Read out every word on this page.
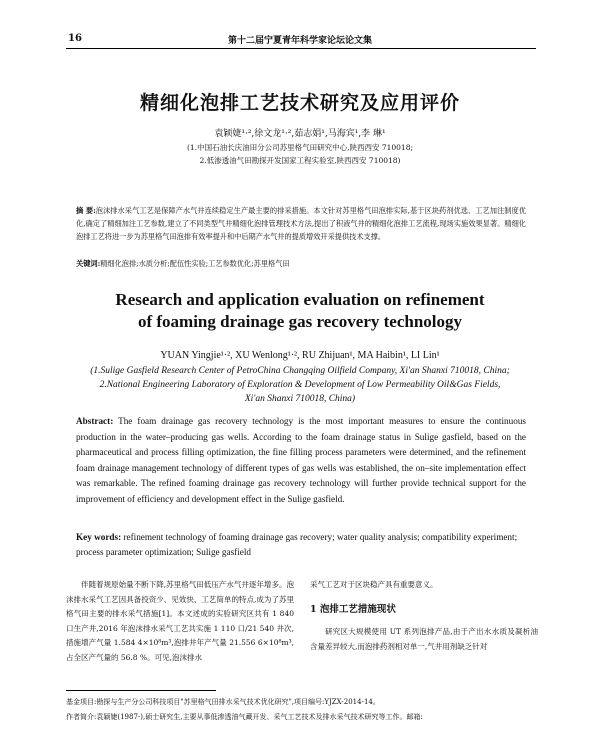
16	第十二届宁夏青年科学家论坛论文集
精细化泡排工艺技术研究及应用评价
袁颖婕¹·²,徐文龙¹·²,茹志娟¹,马海宾¹,李 琳¹
(1.中国石油长庆油田分公司苏里格气田研究中心,陕西西安 710018;
2.低渗透油气田勘探开发国家工程实验室,陕西西安 710018)
摘 要:泡沫排水采气工艺是保障产水气井连续稳定生产最主要的排采措施。本文针对苏里格气田泡排实际,基于区块药剂优选、工艺加注制度优化,确定了精细加注工艺参数,建立了不同类型气井精细化泡排管理技术方法,提出了积液气井的精细化泡排工艺流程,现场实施效果显著。精细化泡排工艺将进一步为苏里格气田泡排有效率提升和中后期产水气井的提质增效开采提供技术支撑。
关键词:精细化泡排;水质分析;配伍性实验;工艺参数优化;苏里格气田
Research and application evaluation on refinement
of foaming drainage gas recovery technology
YUAN Yingjie¹·², XU Wenlong¹·², RU Zhijuan¹, MA Haibin¹, LI Lin¹
(1.Sulige Gasfield Research Center of PetroChina Changqing Oilfield Company, Xi'an Shanxi 710018, China;
2.National Engineering Laboratory of Exploration & Development of Low Permeability Oil&Gas Fields,
Xi'an Shanxi 710018, China)
Abstract: The foam drainage gas recovery technology is the most important measures to ensure the continuous production in the water–producing gas wells. According to the foam drainage status in Sulige gasfield, based on the pharmaceutical and process filling optimization, the fine filling process parameters were determined, and the refinement foam drainage management technology of different types of gas wells was established, the on–site implementation effect was remarkable. The refined foaming drainage gas recovery technology will further provide technical support for the improvement of efficiency and development effect in the Sulige gasfield.
Key words: refinement technology of foaming drainage gas recovery; water quality analysis; compatibility experiment; process parameter optimization; Sulige gasfield
伴随着规原始量不断下降,苏里格气田低压产水气井逐年增多。泡沫排水采气工艺因具备投资少、见效快、工艺简单的特点,成为了苏里格气田主要的排水采气措施[1]。本文述成的实验研究区共有 1 840 口生产井,2016 年泡沫排水采气工艺共实施 1 110 口/21 540 井次,措施增产气量 1.584 4×10⁸m³,泡排井年产气量 21.556 6×10⁸m³,占全区产气量的 56.8 %。可见,泡沫排水

采气工艺对于区块稳产具有重要意义。

1 泡排工艺措施现状

研究区大规模使用 UT 系列泡排产品,由于产出水水质及凝析油含量差异较大,而泡排药剂相对单一,气井用剂缺乏针对

基金项目:勘探与生产分公司科技项目"苏里格气田排水采气技术优化研究",项目编号:YJZX-2014-14。
作者简介:袁颖婕(1987-),硕士研究生,主要从事低渗透油气藏开发、采气工艺技术及排水采气技术研究等工作。邮箱:
